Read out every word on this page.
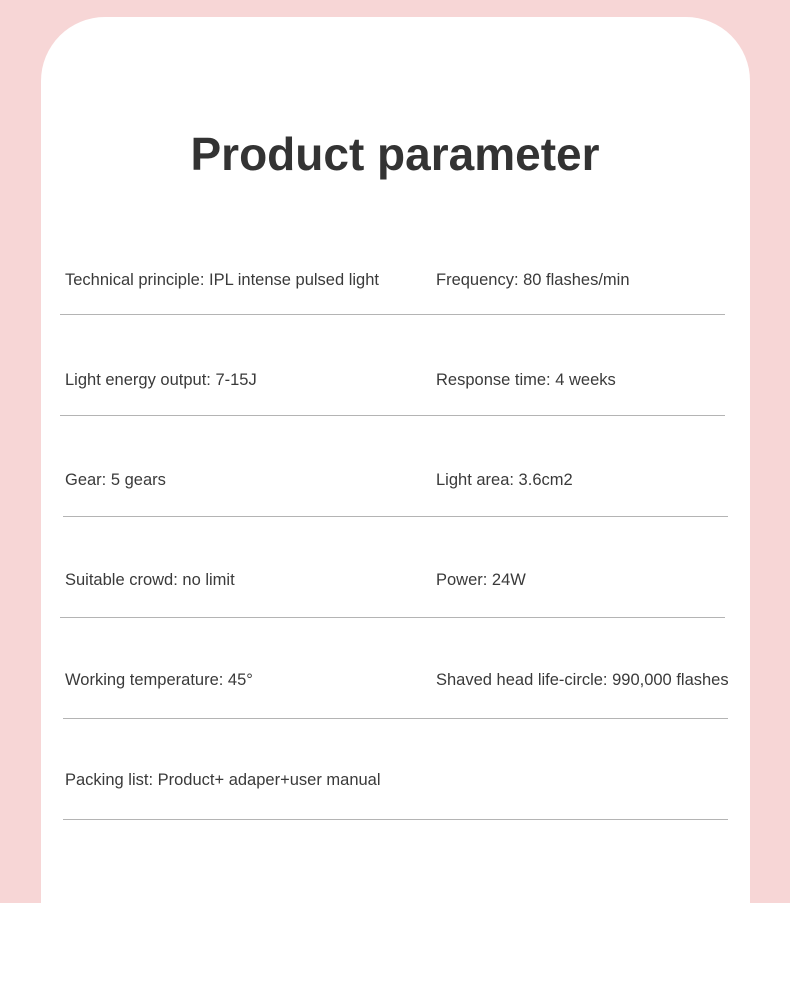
Product parameter
Technical principle: IPL intense pulsed light	Frequency: 80 flashes/min
Light energy output: 7-15J	Response time: 4 weeks
Gear: 5 gears	Light area: 3.6cm2
Suitable crowd: no limit	Power: 24W
Working temperature: 45°	Shaved head life-circle: 990,000 flashes
Packing list: Product+ adaper+user manual
